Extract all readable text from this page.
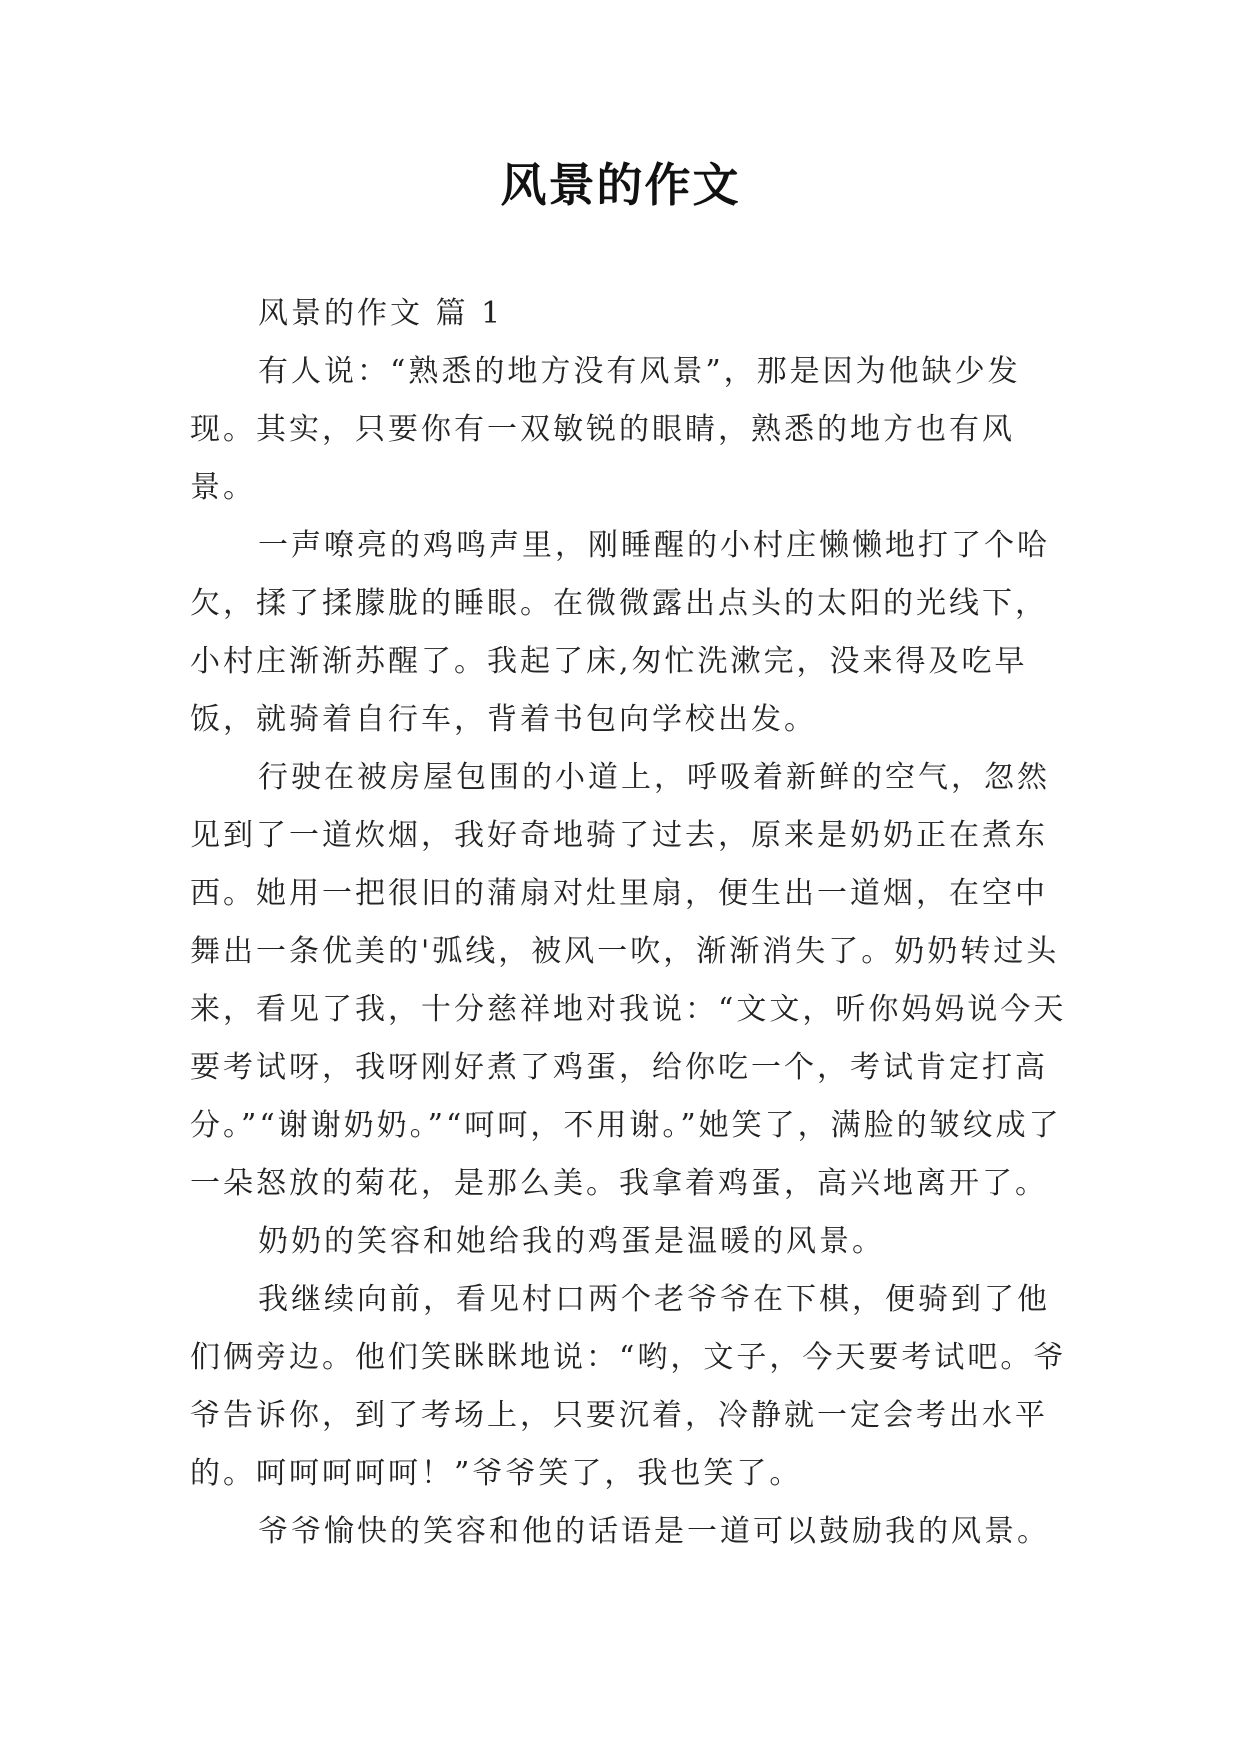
风景的作文

风景的作文 篇 1

有人说：“熟悉的地方没有风景”，那是因为他缺少发现。其实，只要你有一双敏锐的眼睛，熟悉的地方也有风景。

一声嘹亮的鸡鸣声里，刚睡醒的小村庄懒懒地打了个哈欠，揉了揉朦胧的睡眼。在微微露出点头的太阳的光线下，小村庄渐渐苏醒了。我起了床,匆忙洗漱完，没来得及吃早饭，就骑着自行车，背着书包向学校出发。

行驶在被房屋包围的小道上，呼吸着新鲜的空气，忽然见到了一道炊烟，我好奇地骑了过去，原来是奶奶正在煮东西。她用一把很旧的蒲扇对灶里扇，便生出一道烟，在空中舞出一条优美的'弧线，被风一吹，渐渐消失了。奶奶转过头来，看见了我，十分慈祥地对我说：“文文，听你妈妈说今天要考试呀，我呀刚好煮了鸡蛋，给你吃一个，考试肯定打高分。”“谢谢奶奶。”“呵呵，不用谢。”她笑了，满脸的皱纹成了一朵怒放的菊花，是那么美。我拿着鸡蛋，高兴地离开了。

奶奶的笑容和她给我的鸡蛋是温暖的风景。

我继续向前，看见村口两个老爷爷在下棋，便骑到了他们俩旁边。他们笑眯眯地说：“哟，文子，今天要考试吧。爷爷告诉你，到了考场上，只要沉着，冷静就一定会考出水平的。呵呵呵呵呵！”爷爷笑了，我也笑了。

爷爷愉快的笑容和他的话语是一道可以鼓励我的风景。
